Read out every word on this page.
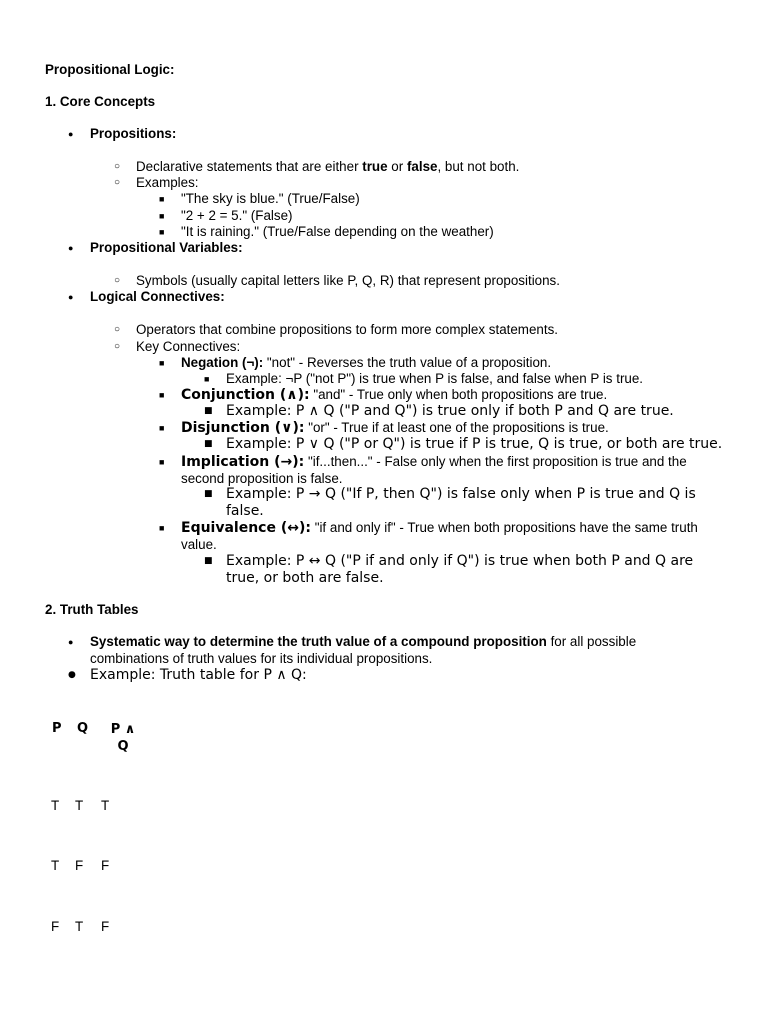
Propositional Logic:
1. Core Concepts
● Propositions:
○ Declarative statements that are either true or false, but not both.
○ Examples:
■ "The sky is blue." (True/False)
■ "2 + 2 = 5." (False)
■ "It is raining." (True/False depending on the weather)
● Propositional Variables:
○ Symbols (usually capital letters like P, Q, R) that represent propositions.
● Logical Connectives:
○ Operators that combine propositions to form more complex statements.
○ Key Connectives:
■ Negation (¬): "not" - Reverses the truth value of a proposition.
■ Example: ¬P ("not P") is true when P is false, and false when P is true.
■ Conjunction (∧): "and" - True only when both propositions are true.
■ Example: P ∧ Q ("P and Q") is true only if both P and Q are true.
■ Disjunction (∨): "or" - True if at least one of the propositions is true.
■ Example: P ∨ Q ("P or Q") is true if P is true, Q is true, or both are true.
■ Implication (→): "if...then..." - False only when the first proposition is true and the second proposition is false.
■ Example: P → Q ("If P, then Q") is false only when P is true and Q is false.
■ Equivalence (↔): "if and only if" - True when both propositions have the same truth value.
■ Example: P ↔ Q ("P if and only if Q") is true when both P and Q are true, or both are false.
2. Truth Tables
● Systematic way to determine the truth value of a compound proposition for all possible combinations of truth values for its individual propositions.
● Example: Truth table for P ∧ Q:
P Q	P ∧ Q
T T T
T F F
F T F
